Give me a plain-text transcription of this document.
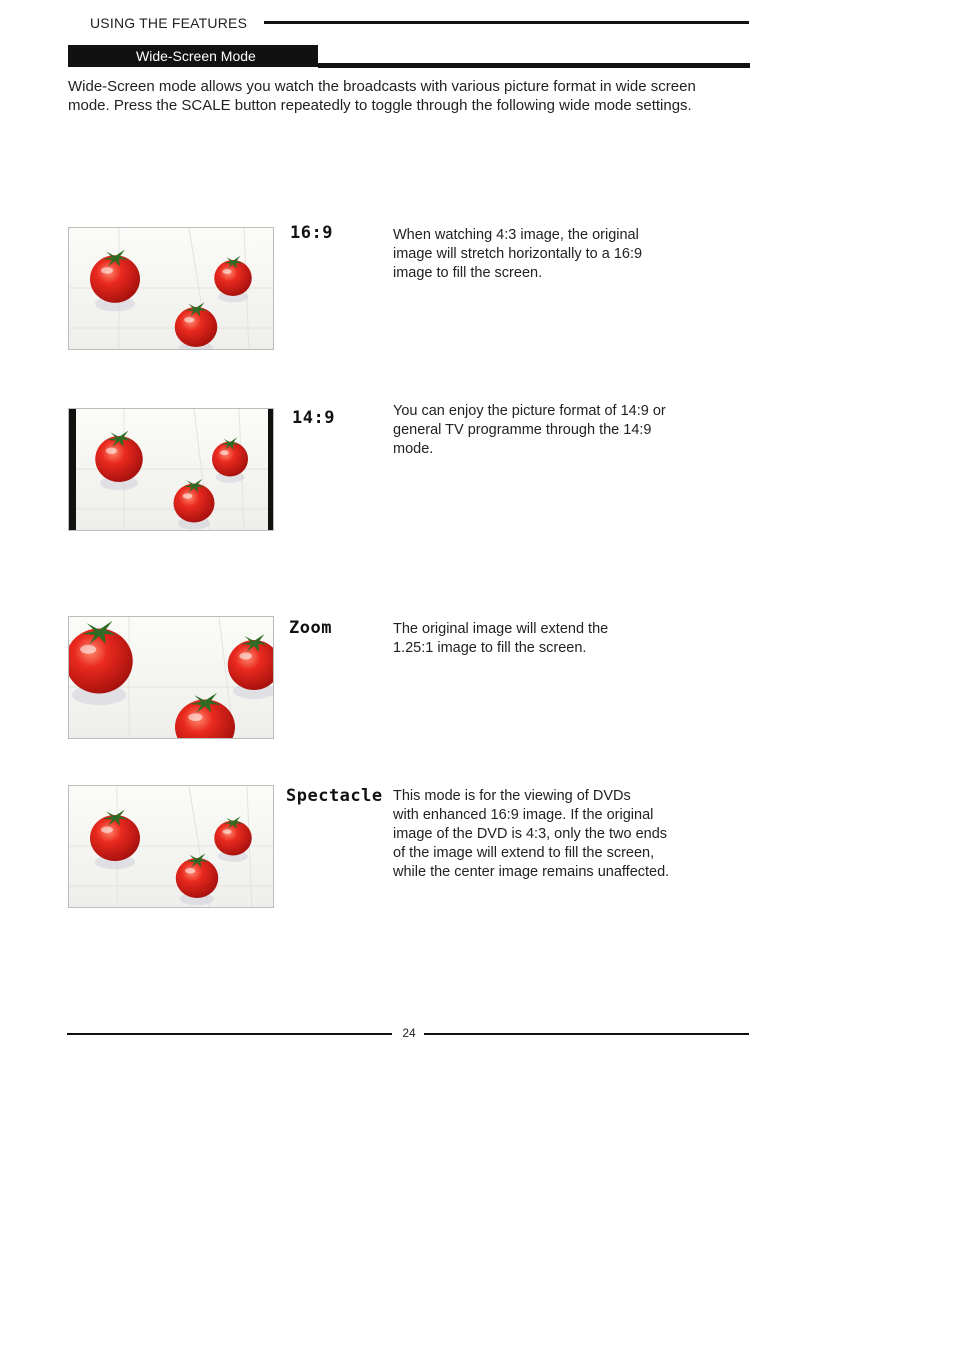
USING THE FEATURES
Wide-Screen Mode
Wide-Screen mode allows you watch the broadcasts with various picture format in wide screen mode. Press the SCALE button repeatedly to toggle through the following wide mode settings.
16:9	When watching 4:3 image, the original

image will stretch horizontally to a 16:9

image to fill the screen.

14:9	You can enjoy the picture format of 14:9 or

general TV programme through the 14:9

mode.

Zoom	The original image will extend the

1.25:1 image to fill the screen.

Spectacle This mode is for the viewing of DVDs

with enhanced 16:9 image. If the original

image of the DVD is 4:3, only the two ends

of the image will extend to fill the screen,

while the center image remains unaffected.

24
